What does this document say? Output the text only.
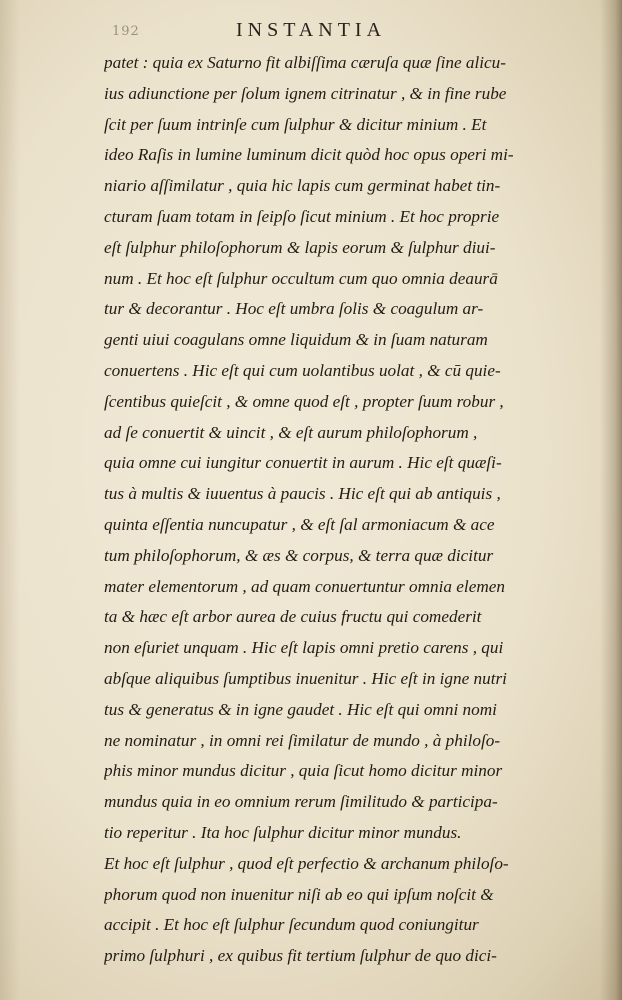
192	INSTANTIA
patet : quia ex Saturno fit albiſſima cæruſa quæ ſine alicu-
ius adiunctione per ſolum ignem citrinatur , & in fine rube
ſcit per ſuum intrinſe cum ſulphur & dicitur minium . Et
ideo Raſis in lumine luminum dicit quòd hoc opus operi mi-
niario aſſimilatur , quia hic lapis cum germinat habet tin-
cturam ſuam totam in ſeipſo ſicut minium . Et hoc proprie
eſt ſulphur philoſophorum & lapis eorum & ſulphur diui-
num . Et hoc eſt ſulphur occultum cum quo omnia deaurā
tur & decorantur . Hoc eſt umbra ſolis & coagulum ar-
genti uiui coagulans omne liquidum & in ſuam naturam
conuertens . Hic eſt qui cum uolantibus uolat , & cū quie-
ſcentibus quieſcit , & omne quod eſt , propter ſuum robur ,
ad ſe conuertit & uincit , & eſt aurum philoſophorum ,
quia omne cui iungitur conuertit in aurum . Hic eſt quæſi-
tus à multis & iuuentus à paucis . Hic eſt qui ab antiquis ,
quinta eſſentia nuncupatur , & eſt ſal armoniacum & ace
tum philoſophorum, & æs & corpus, & terra quæ dicitur
mater elementorum , ad quam conuertuntur omnia elemen
ta & hæc eſt arbor aurea de cuius fructu qui comederit
non eſuriet unquam . Hic eſt lapis omni pretio carens , qui
abſque aliquibus ſumptibus inuenitur . Hic eſt in igne nutri
tus & generatus & in igne gaudet . Hic eſt qui omni nomi
ne nominatur , in omni rei ſimilatur de mundo , à philoſo-
phis minor mundus dicitur , quia ſicut homo dicitur minor
mundus quia in eo omnium rerum ſimilitudo & participa-
tio reperitur . Ita hoc ſulphur dicitur minor mundus.
Et hoc eſt ſulphur , quod eſt perfectio & archanum philoſo-
phorum quod non inuenitur niſi ab eo qui ipſum noſcit &
accipit . Et hoc eſt ſulphur ſecundum quod coniungitur
primo ſulphuri , ex quibus fit tertium ſulphur de quo dici-
